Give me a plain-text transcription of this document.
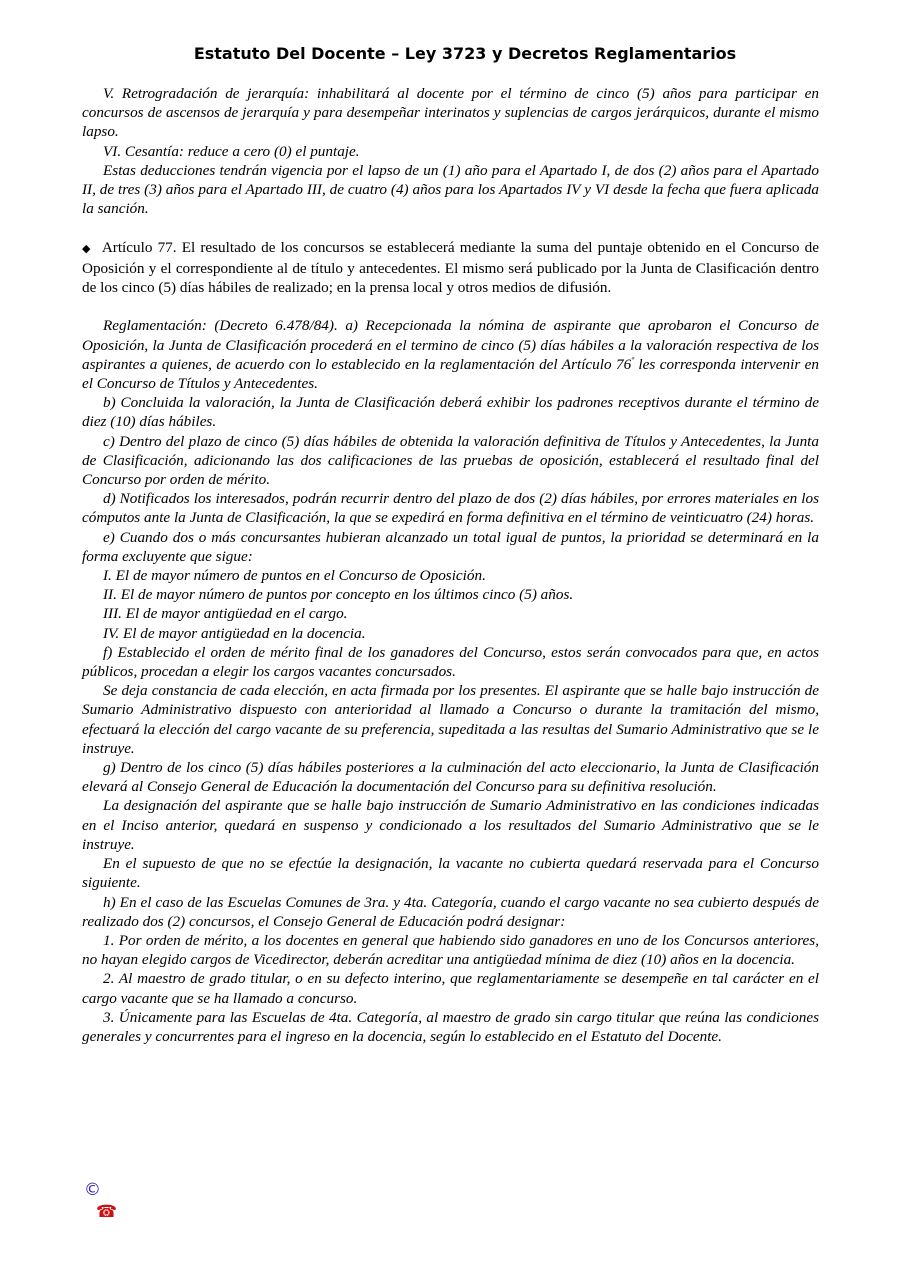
Estatuto Del Docente – Ley 3723 y Decretos Reglamentarios

V. Retrogradación de jerarquía: inhabilitará al docente por el término de cinco (5) años para participar en concursos de ascensos de jerarquía y para desempeñar interinatos y suplencias de cargos jerárquicos, durante el mismo lapso.

VI. Cesantía: reduce a cero (0) el puntaje.

Estas deducciones tendrán vigencia por el lapso de un (1) año para el Apartado I, de dos (2) años para el Apartado II, de tres (3) años para el Apartado III, de cuatro (4) años para los Apartados IV y VI desde la fecha que fuera aplicada la sanción.

◆ Artículo 77. El resultado de los concursos se establecerá mediante la suma del puntaje obtenido en el Concurso de Oposición y el correspondiente al de título y antecedentes. El mismo será publicado por la Junta de Clasificación dentro de los cinco (5) días hábiles de realizado; en la prensa local y otros medios de difusión.

Reglamentación: (Decreto 6.478/84). a) Recepcionada la nómina de aspirante que aprobaron el Concurso de Oposición, la Junta de Clasificación procederá en el termino de cinco (5) días hábiles a la valoración respectiva de los aspirantes a quienes, de acuerdo con lo establecido en la reglamentación del Artículo $76^º$ les corresponda intervenir en el Concurso de Títulos y Antecedentes.

b) Concluida la valoración, la Junta de Clasificación deberá exhibir los padrones receptivos durante el término de diez (10) días hábiles.

c) Dentro del plazo de cinco (5) días hábiles de obtenida la valoración definitiva de Títulos y Antecedentes, la Junta de Clasificación, adicionando las dos calificaciones de las pruebas de oposición, establecerá el resultado final del Concurso por orden de mérito.

d) Notificados los interesados, podrán recurrir dentro del plazo de dos (2) días hábiles, por errores materiales en los cómputos ante la Junta de Clasificación, la que se expedirá en forma definitiva en el término de veinticuatro (24) horas.

e) Cuando dos o más concursantes hubieran alcanzado un total igual de puntos, la prioridad se determinará en la forma excluyente que sigue:

I. El de mayor número de puntos en el Concurso de Oposición.

II. El de mayor número de puntos por concepto en los últimos cinco (5) años.

III. El de mayor antigüedad en el cargo.

IV. El de mayor antigüedad en la docencia.

f) Establecido el orden de mérito final de los ganadores del Concurso, estos serán convocados para que, en actos públicos, procedan a elegir los cargos vacantes concursados.

Se deja constancia de cada elección, en acta firmada por los presentes. El aspirante que se halle bajo instrucción de Sumario Administrativo dispuesto con anterioridad al llamado a Concurso o durante la tramitación del mismo, efectuará la elección del cargo vacante de su preferencia, supeditada a las resultas del Sumario Administrativo que se le instruye.

g) Dentro de los cinco (5) días hábiles posteriores a la culminación del acto eleccionario, la Junta de Clasificación elevará al Consejo General de Educación la documentación del Concurso para su definitiva resolución.

La designación del aspirante que se halle bajo instrucción de Sumario Administrativo en las condiciones indicadas en el Inciso anterior, quedará en suspenso y condicionado a los resultados del Sumario Administrativo que se le instruye.

En el supuesto de que no se efectúe la designación, la vacante no cubierta quedará reservada para el Concurso siguiente.

h) En el caso de las Escuelas Comunes de 3ra. y 4ta. Categoría, cuando el cargo vacante no sea cubierto después de realizado dos (2) concursos, el Consejo General de Educación podrá designar:

1. Por orden de mérito, a los docentes en general que habiendo sido ganadores en uno de los Concursos anteriores, no hayan elegido cargos de Vicedirector, deberán acreditar una antigüedad mínima de diez (10) años en la docencia.

2. Al maestro de grado titular, o en su defecto interino, que reglamentariamente se desempeñe en tal carácter en el cargo vacante que se ha llamado a concurso.

3. Únicamente para las Escuelas de 4ta. Categoría, al maestro de grado sin cargo titular que reúna las condiciones generales y concurrentes para el ingreso en la docencia, según lo establecido en el Estatuto del Docente.

©
☎
